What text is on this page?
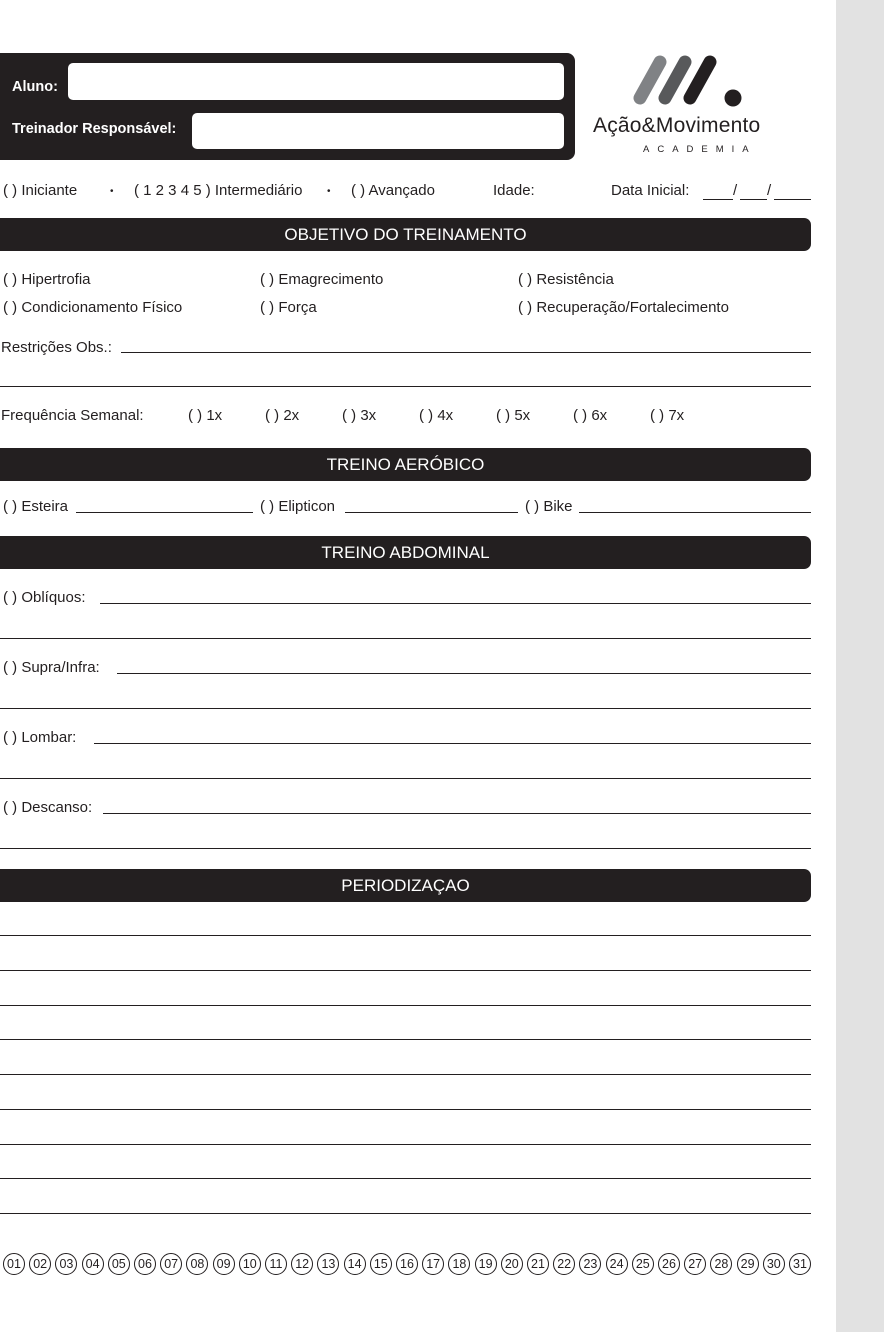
Aluno:
Treinador Responsável:	Ação&Movimento
ACADEMIA
( ) Iniciante	• ( 1 2 3 4 5 ) Intermediário • ( ) Avançado	Idade:	Data Inicial:	/ /
OBJETIVO DO TREINAMENTO
( ) Hipertrofia	( ) Emagrecimento	( ) Resistência
( ) Condicionamento Físico	( ) Força	( ) Recuperação/Fortalecimento
Restrições Obs.:
Frequência Semanal:	( ) 1x	( ) 2x	( ) 3x	( ) 4x	( ) 5x	( ) 6x	( ) 7x
TREINO AERÓBICO
( ) Esteira	( ) Elipticon	( ) Bike
TREINO ABDOMINAL
( ) Oblíquos:
( ) Supra/Infra:
( ) Lombar:
( ) Descanso:
PERIODIZAÇAO
01 02 03 04 05 06 07 08 09 10	11	12 13 14 15 16 17 18 19 20 21 22 23 24 25 26 27 28 29 30 31
